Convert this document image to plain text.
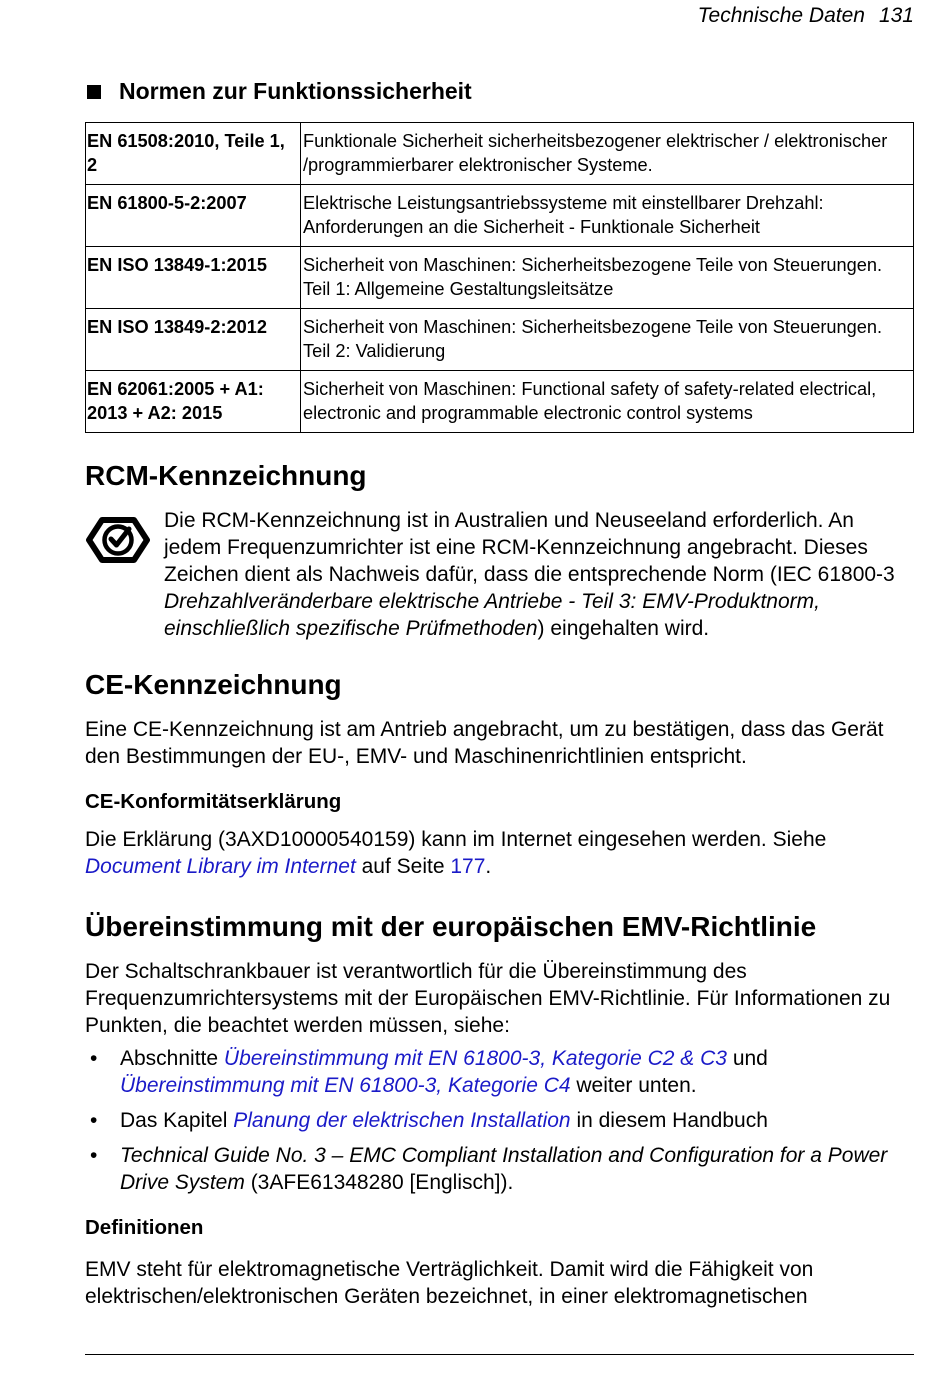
Technische Daten 131
Normen zur Funktionssicherheit
EN 61508:2010, Teile 1, 2	Funktionale Sicherheit sicherheitsbezogener elektrischer / elektronischer /programmierbarer elektronischer Systeme.
EN 61800-5-2:2007	Elektrische Leistungsantriebssysteme mit einstellbarer Drehzahl: Anforderungen an die Sicherheit - Funktionale Sicherheit
EN ISO 13849-1:2015	Sicherheit von Maschinen: Sicherheitsbezogene Teile von Steuerungen. Teil 1: Allgemeine Gestaltungsleitsätze
EN ISO 13849-2:2012	Sicherheit von Maschinen: Sicherheitsbezogene Teile von Steuerungen. Teil 2: Validierung
EN 62061:2005 + A1: 2013 + A2: 2015	Sicherheit von Maschinen: Functional safety of safety-related electrical, electronic and programmable electronic control systems
RCM-Kennzeichnung

Die RCM-Kennzeichnung ist in Australien und Neuseeland erforderlich. An jedem Frequenzumrichter ist eine RCM-Kennzeichnung angebracht. Dieses Zeichen dient als Nachweis dafür, dass die entsprechende Norm (IEC 61800-3 Drehzahlveränderbare elektrische Antriebe - Teil 3: EMV-Produktnorm, einschließlich spezifische Prüfmethoden) eingehalten wird.

CE-Kennzeichnung

Eine CE-Kennzeichnung ist am Antrieb angebracht, um zu bestätigen, dass das Gerät den Bestimmungen der EU-, EMV- und Maschinenrichtlinien entspricht.

CE-Konformitätserklärung

Die Erklärung (3AXD10000540159) kann im Internet eingesehen werden. Siehe Document Library im Internet auf Seite 177.

Übereinstimmung mit der europäischen EMV-Richtlinie

Der Schaltschrankbauer ist verantwortlich für die Übereinstimmung des Frequenzumrichtersystems mit der Europäischen EMV-Richtlinie. Für Informationen zu Punkten, die beachtet werden müssen, siehe:

• Abschnitte Übereinstimmung mit EN 61800-3, Kategorie C2 & C3 und Übereinstimmung mit EN 61800-3, Kategorie C4 weiter unten.
• Das Kapitel Planung der elektrischen Installation in diesem Handbuch
• Technical Guide No. 3 – EMC Compliant Installation and Configuration for a Power Drive System (3AFE61348280 [Englisch]).
Definitionen

EMV steht für elektromagnetische Verträglichkeit. Damit wird die Fähigkeit von elektrischen/elektronischen Geräten bezeichnet, in einer elektromagnetischen
